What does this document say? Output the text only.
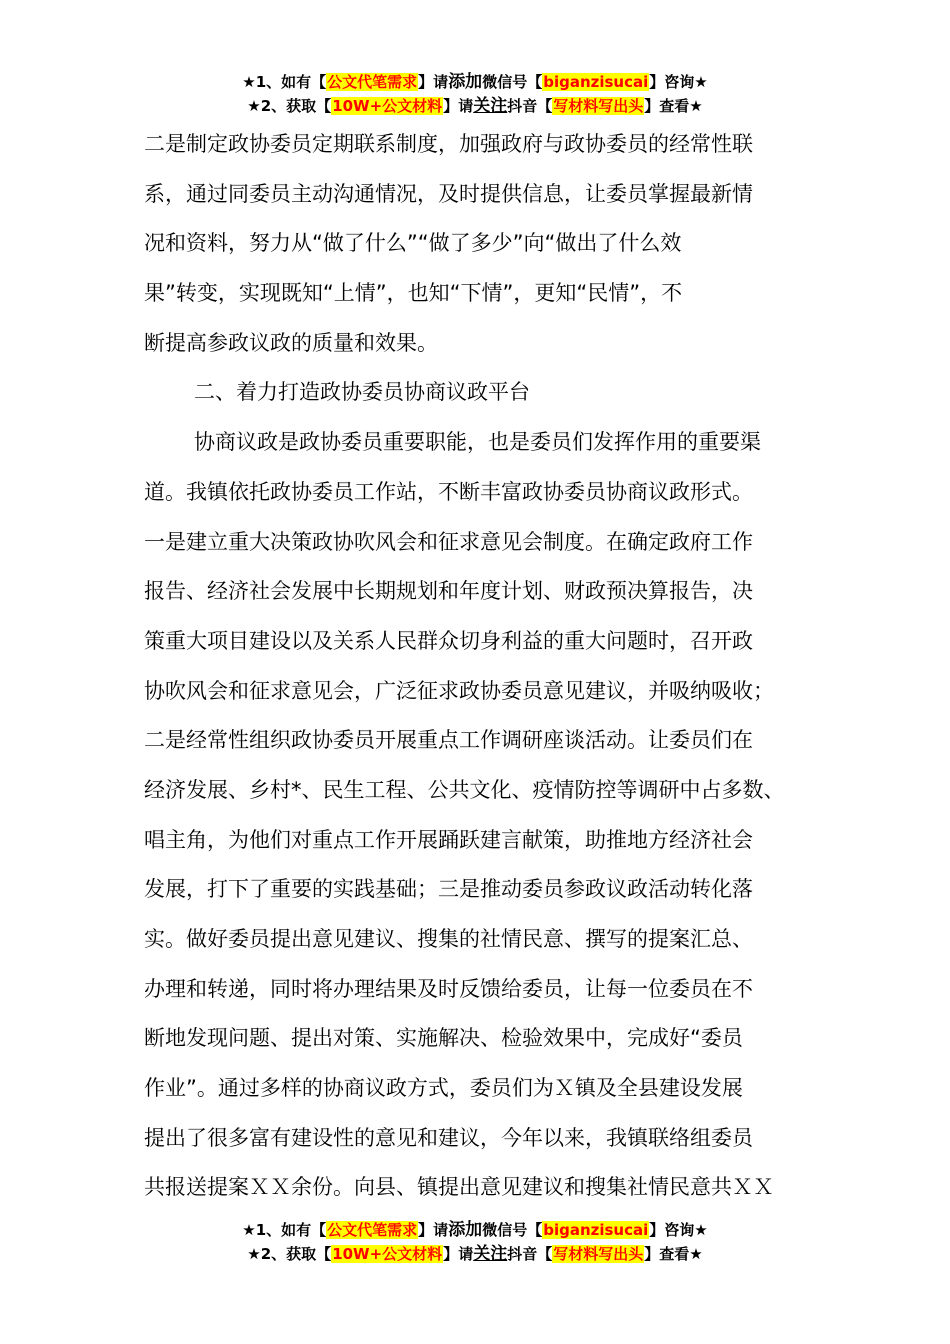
★1、如有【公文代笔需求】请添加微信号【biganzisucai】咨询★
★2、获取【10W+公文材料】请关注抖音【写材料写出头】查看★
二是制定政协委员定期联系制度，加强政府与政协委员的经常性联
系，通过同委员主动沟通情况，及时提供信息，让委员掌握最新情
况和资料，努力从“做了什么”“做了多少”向“做出了什么效
果”转变，实现既知“上情”，也知“下情”，更知“民情”，不
断提高参政议政的质量和效果。
二、着力打造政协委员协商议政平台
协商议政是政协委员重要职能，也是委员们发挥作用的重要渠
道。我镇依托政协委员工作站，不断丰富政协委员协商议政形式。
一是建立重大决策政协吹风会和征求意见会制度。在确定政府工作
报告、经济社会发展中长期规划和年度计划、财政预决算报告，决
策重大项目建设以及关系人民群众切身利益的重大问题时，召开政
协吹风会和征求意见会，广泛征求政协委员意见建议，并吸纳吸收；
二是经常性组织政协委员开展重点工作调研座谈活动。让委员们在
经济发展、乡村*、民生工程、公共文化、疫情防控等调研中占多数、
唱主角，为他们对重点工作开展踊跃建言献策，助推地方经济社会
发展，打下了重要的实践基础；三是推动委员参政议政活动转化落
实。做好委员提出意见建议、搜集的社情民意、撰写的提案汇总、
办理和转递，同时将办理结果及时反馈给委员，让每一位委员在不
断地发现问题、提出对策、实施解决、检验效果中，完成好“委员
作业”。通过多样的协商议政方式，委员们为Ｘ镇及全县建设发展
提出了很多富有建设性的意见和建议，今年以来，我镇联络组委员
共报送提案ＸＸ余份。向县、镇提出意见建议和搜集社情民意共ＸＸ
★1、如有【公文代笔需求】请添加微信号【biganzisucai】咨询★
★2、获取【10W+公文材料】请关注抖音【写材料写出头】查看★
